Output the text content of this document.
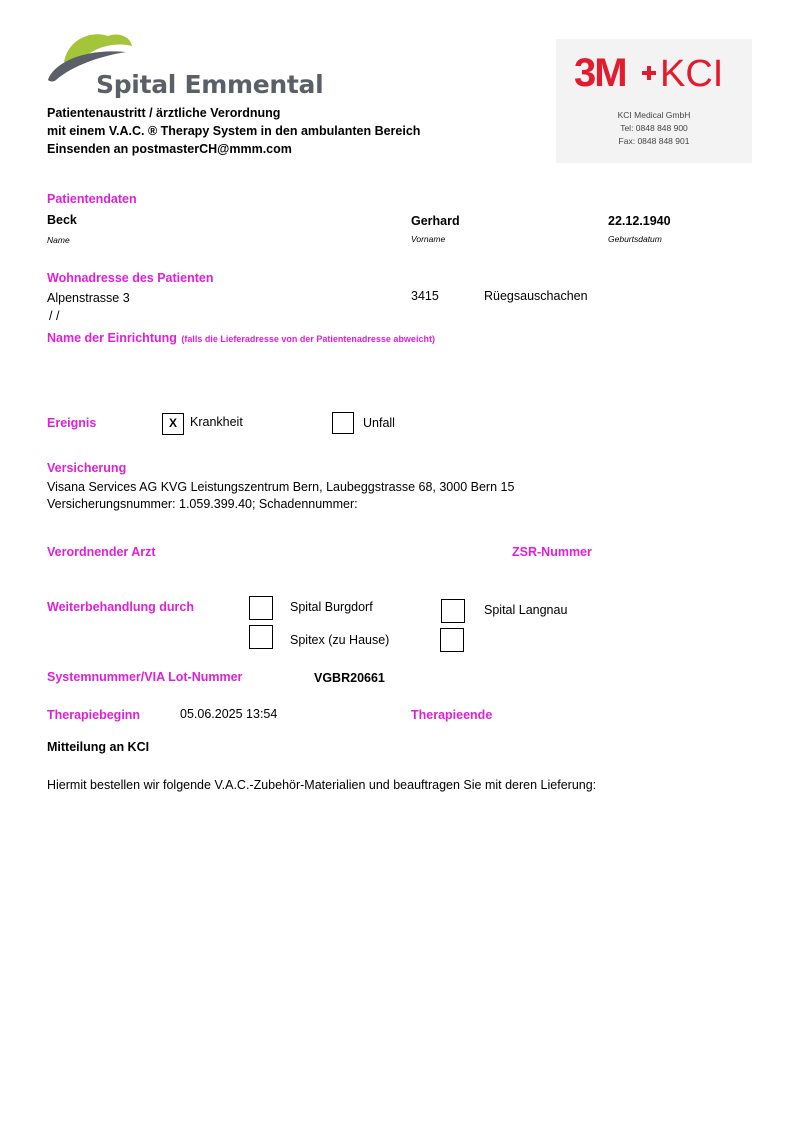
Spital Emmental	3M KCI
KCI Medical GmbH
Tel: 0848 848 900
Fax: 0848 848 901
Patientenaustritt / ärztliche Verordnung
mit einem V.A.C. ® Therapy System in den ambulanten Bereich
Einsenden an postmasterCH@mmm.com
Patientendaten
Beck
Name
Gerhard
Vorname
22.12.1940
Geburtsdatum
Wohnadresse des Patienten
Alpenstrasse 3	3415	Rüegsauschachen
/ /
Name der Einrichtung (falls die Lieferadresse von der Patientenadresse abweicht)
Ereignis	X	Krankheit	Unfall
Versicherung
Visana Services AG KVG Leistungszentrum Bern, Laubeggstrasse 68, 3000 Bern 15
Versicherungsnummer: 1.059.399.40; Schadennummer:
Verordnender Arzt	ZSR-Nummer
Weiterbehandlung durch	Spital Burgdorf	Spital Langnau
Spitex (zu Hause)
Systemnummer/VIA Lot-Nummer	VGBR20661
Therapiebeginn	05.06.2025 13:54	Therapieende
Mitteilung an KCI
Hiermit bestellen wir folgende V.A.C.-Zubehör-Materialien und beauftragen Sie mit deren Lieferung:
